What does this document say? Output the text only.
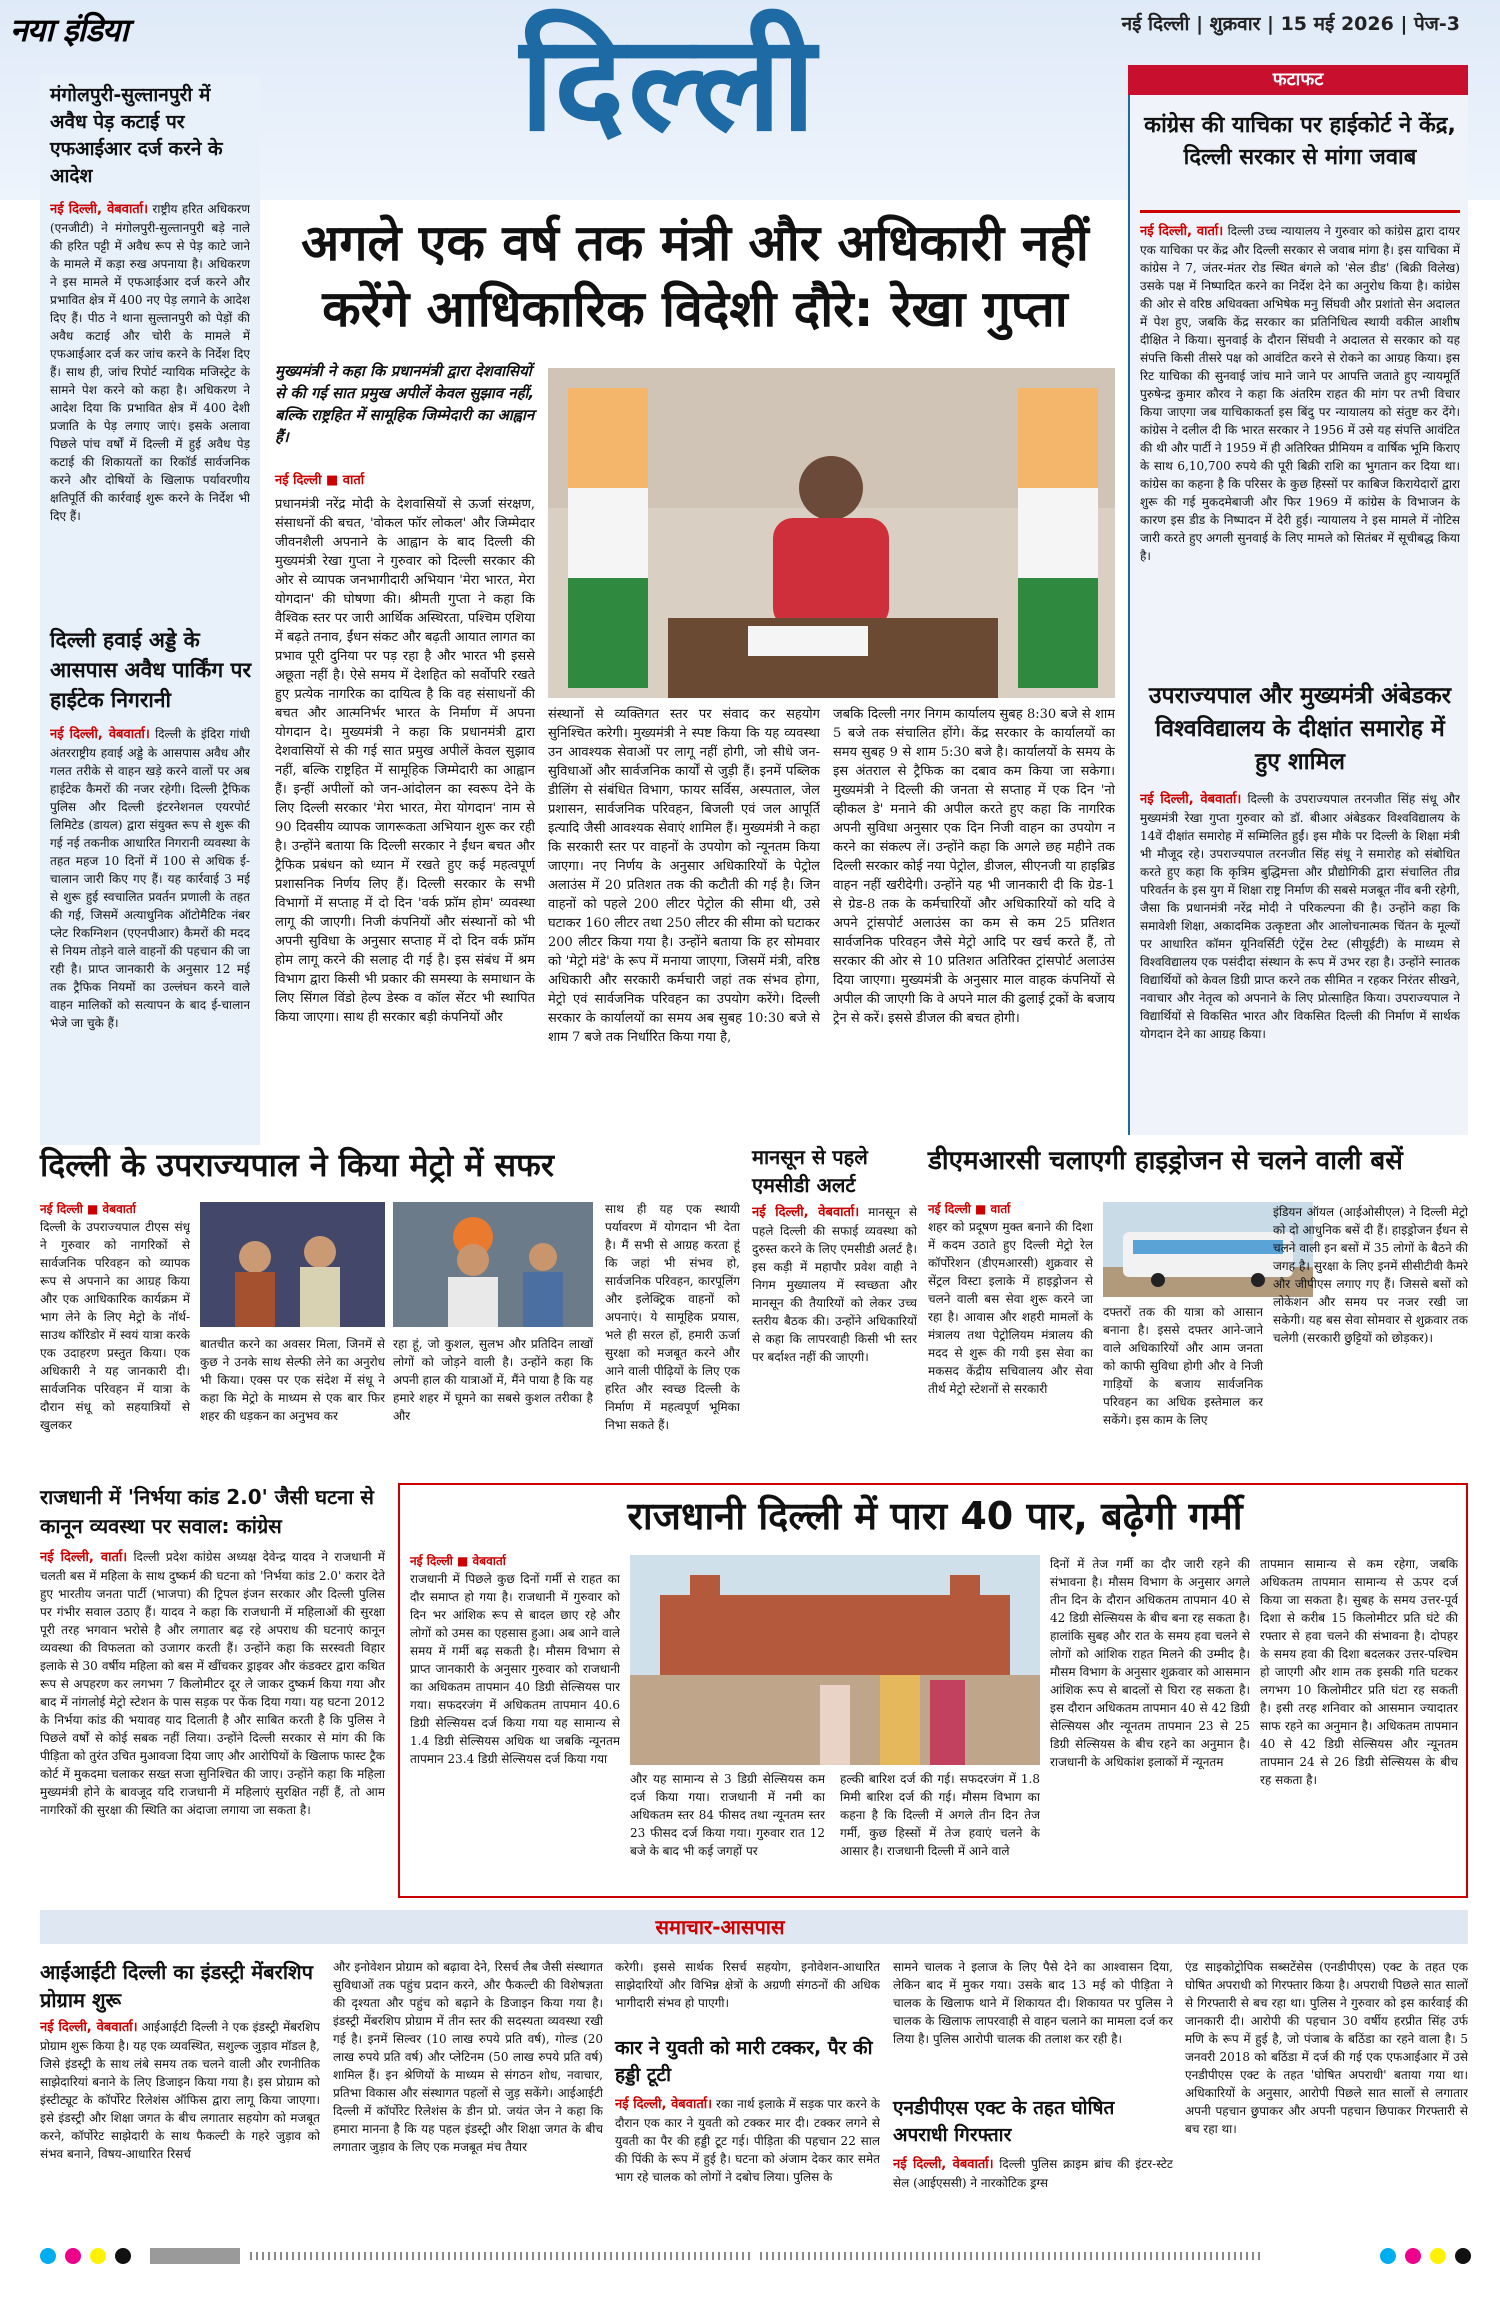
नया इंडिया	दिल्ली	नई दिल्ली | शुक्रवार | 15 मई 2026 | पेज-3
मंगोलपुरी-सुल्तानपुरी में अवैध पेड़ कटाई पर एफआईआर दर्ज करने के आदेश
नई दिल्ली, वेबवार्ता। राष्ट्रीय हरित अधिकरण (एनजीटी) ने मंगोलपुरी-सुल्तानपुरी बड़े नाले की हरित पट्टी में अवैध रूप से पेड़ काटे जाने के मामले में कड़ा रुख अपनाया है। अधिकरण ने इस मामले में एफआईआर दर्ज करने और प्रभावित क्षेत्र में 400 नए पेड़ लगाने के आदेश दिए हैं। पीठ ने थाना सुल्तानपुरी को पेड़ों की अवैध कटाई और चोरी के मामले में एफआईआर दर्ज कर जांच करने के निर्देश दिए हैं। साथ ही, जांच रिपोर्ट न्यायिक मजिस्ट्रेट के सामने पेश करने को कहा है। अधिकरण ने आदेश दिया कि प्रभावित क्षेत्र में 400 देशी प्रजाति के पेड़ लगाए जाएं। इसके अलावा पिछले पांच वर्षों में दिल्ली में हुई अवैध पेड़ कटाई की शिकायतों का रिकॉर्ड सार्वजनिक करने और दोषियों के खिलाफ पर्यावरणीय क्षतिपूर्ति की कार्रवाई शुरू करने के निर्देश भी दिए हैं।
दिल्ली हवाई अड्डे के आसपास अवैध पार्किंग पर हाईटेक निगरानी
नई दिल्ली, वेबवार्ता। दिल्ली के इंदिरा गांधी अंतरराष्ट्रीय हवाई अड्डे के आसपास अवैध और गलत तरीके से वाहन खड़े करने वालों पर अब हाईटेक कैमरों की नजर रहेगी। दिल्ली ट्रैफिक पुलिस और दिल्ली इंटरनेशनल एयरपोर्ट लिमिटेड (डायल) द्वारा संयुक्त रूप से शुरू की गई नई तकनीक आधारित निगरानी व्यवस्था के तहत महज 10 दिनों में 100 से अधिक ई-चालान जारी किए गए हैं। यह कार्रवाई 3 मई से शुरू हुई स्वचालित प्रवर्तन प्रणाली के तहत की गई, जिसमें अत्याधुनिक ऑटोमैटिक नंबर प्लेट रिकग्निशन (एएनपीआर) कैमरों की मदद से नियम तोड़ने वाले वाहनों की पहचान की जा रही है। प्राप्त जानकारी के अनुसार 12 मई तक ट्रैफिक नियमों का उल्लंघन करने वाले वाहन मालिकों को सत्यापन के बाद ई-चालान भेजे जा चुके हैं।
फटाफट
कांग्रेस की याचिका पर हाईकोर्ट ने केंद्र, दिल्ली सरकार से मांगा जवाब
नई दिल्ली, वार्ता। दिल्ली उच्च न्यायालय ने गुरुवार को कांग्रेस द्वारा दायर एक याचिका पर केंद्र और दिल्ली सरकार से जवाब मांगा है। इस याचिका में कांग्रेस ने 7, जंतर-मंतर रोड स्थित बंगले को 'सेल डीड' (बिक्री विलेख) उसके पक्ष में निष्पादित करने का निर्देश देने का अनुरोध किया है। कांग्रेस की ओर से वरिष्ठ अधिवक्ता अभिषेक मनु सिंघवी और प्रशांतो सेन अदालत में पेश हुए, जबकि केंद्र सरकार का प्रतिनिधित्व स्थायी वकील आशीष दीक्षित ने किया। सुनवाई के दौरान सिंघवी ने अदालत से सरकार को यह संपत्ति किसी तीसरे पक्ष को आवंटित करने से रोकने का आग्रह किया। इस रिट याचिका की सुनवाई जांच माने जाने पर आपत्ति जताते हुए न्यायमूर्ति पुरुषेन्द्र कुमार कौरव ने कहा कि अंतरिम राहत की मांग पर तभी विचार किया जाएगा जब याचिकाकर्ता इस बिंदु पर न्यायालय को संतुष्ट कर देंगे। कांग्रेस ने दलील दी कि भारत सरकार ने 1956 में उसे यह संपत्ति आवंटित की थी और पार्टी ने 1959 में ही अतिरिक्त प्रीमियम व वार्षिक भूमि किराए के साथ 6,10,700 रुपये की पूरी बिक्री राशि का भुगतान कर दिया था। कांग्रेस का कहना है कि परिसर के कुछ हिस्सों पर काबिज किरायेदारों द्वारा शुरू की गई मुकदमेबाजी और फिर 1969 में कांग्रेस के विभाजन के कारण इस डीड के निष्पादन में देरी हुई। न्यायालय ने इस मामले में नोटिस जारी करते हुए अगली सुनवाई के लिए मामले को सितंबर में सूचीबद्ध किया है।
उपराज्यपाल और मुख्यमंत्री अंबेडकर विश्वविद्यालय के दीक्षांत समारोह में हुए शामिल
नई दिल्ली, वेबवार्ता। दिल्ली के उपराज्यपाल तरनजीत सिंह संधू और मुख्यमंत्री रेखा गुप्ता गुरुवार को डॉ. बीआर अंबेडकर विश्वविद्यालय के 14वें दीक्षांत समारोह में सम्मिलित हुईं। इस मौके पर दिल्ली के शिक्षा मंत्री भी मौजूद रहे। उपराज्यपाल तरनजीत सिंह संधू ने समारोह को संबोधित करते हुए कहा कि कृत्रिम बुद्धिमत्ता और प्रौद्योगिकी द्वारा संचालित तीव्र परिवर्तन के इस युग में शिक्षा राष्ट्र निर्माण की सबसे मजबूत नींव बनी रहेगी, जैसा कि प्रधानमंत्री नरेंद्र मोदी ने परिकल्पना की है। उन्होंने कहा कि समावेशी शिक्षा, अकादमिक उत्कृष्टता और आलोचनात्मक चिंतन के मूल्यों पर आधारित कॉमन यूनिवर्सिटी एंट्रेंस टेस्ट (सीयूईटी) के माध्यम से विश्वविद्यालय एक पसंदीदा संस्थान के रूप में उभर रहा है। उन्होंने स्नातक विद्यार्थियों को केवल डिग्री प्राप्त करने तक सीमित न रहकर निरंतर सीखने, नवाचार और नेतृत्व को अपनाने के लिए प्रोत्साहित किया। उपराज्यपाल ने विद्यार्थियों से विकसित भारत और विकसित दिल्ली की निर्माण में सार्थक योगदान देने का आग्रह किया।
अगले एक वर्ष तक मंत्री और अधिकारी नहीं करेंगे आधिकारिक विदेशी दौरे: रेखा गुप्ता
मुख्यमंत्री ने कहा कि प्रधानमंत्री द्वारा देशवासियों से की गई सात प्रमुख अपीलें केवल सुझाव नहीं, बल्कि राष्ट्रहित में सामूहिक जिम्मेदारी का आह्वान हैं।
नई दिल्ली ■ वार्ता
प्रधानमंत्री नरेंद्र मोदी के देशवासियों से ऊर्जा संरक्षण, संसाधनों की बचत, 'वोकल फॉर लोकल' और जिम्मेदार जीवनशैली अपनाने के आह्वान के बाद दिल्ली की मुख्यमंत्री रेखा गुप्ता ने गुरुवार को दिल्ली सरकार की ओर से व्यापक जनभागीदारी अभियान 'मेरा भारत, मेरा योगदान' की घोषणा की। श्रीमती गुप्ता ने कहा कि वैश्विक स्तर पर जारी आर्थिक अस्थिरता, पश्चिम एशिया में बढ़ते तनाव, ईंधन संकट और बढ़ती आयात लागत का प्रभाव पूरी दुनिया पर पड़ रहा है और भारत भी इससे अछूता नहीं है। ऐसे समय में देशहित को सर्वोपरि रखते हुए प्रत्येक नागरिक का दायित्व है कि वह संसाधनों की बचत और आत्मनिर्भर भारत के निर्माण में अपना योगदान दे। मुख्यमंत्री ने कहा कि प्रधानमंत्री द्वारा देशवासियों से की गई सात प्रमुख अपीलें केवल सुझाव नहीं, बल्कि राष्ट्रहित में सामूहिक जिम्मेदारी का आह्वान हैं। इन्हीं अपीलों को जन-आंदोलन का स्वरूप देने के लिए दिल्ली सरकार 'मेरा भारत, मेरा योगदान' नाम से 90 दिवसीय व्यापक जागरूकता अभियान शुरू कर रही है। उन्होंने बताया कि दिल्ली सरकार ने ईंधन बचत और ट्रैफिक प्रबंधन को ध्यान में रखते हुए कई महत्वपूर्ण प्रशासनिक निर्णय लिए हैं। दिल्ली सरकार के सभी विभागों में सप्ताह में दो दिन 'वर्क फ्रॉम होम' व्यवस्था लागू की जाएगी। निजी कंपनियों और संस्थानों को भी अपनी सुविधा के अनुसार सप्ताह में दो दिन वर्क फ्रॉम होम लागू करने की सलाह दी गई है। इस संबंध में श्रम विभाग द्वारा किसी भी प्रकार की समस्या के समाधान के लिए सिंगल विंडो हेल्प डेस्क व कॉल सेंटर भी स्थापित किया जाएगा। साथ ही सरकार बड़ी कंपनियों और
संस्थानों से व्यक्तिगत स्तर पर संवाद कर सहयोग सुनिश्चित करेगी। मुख्यमंत्री ने स्पष्ट किया कि यह व्यवस्था उन आवश्यक सेवाओं पर लागू नहीं होगी, जो सीधे जन-सुविधाओं और सार्वजनिक कार्यों से जुड़ी हैं। इनमें पब्लिक डीलिंग से संबंधित विभाग, फायर सर्विस, अस्पताल, जेल प्रशासन, सार्वजनिक परिवहन, बिजली एवं जल आपूर्ति इत्यादि जैसी आवश्यक सेवाएं शामिल हैं। मुख्यमंत्री ने कहा कि सरकारी स्तर पर वाहनों के उपयोग को न्यूनतम किया जाएगा। नए निर्णय के अनुसार अधिकारियों के पेट्रोल अलाउंस में 20 प्रतिशत तक की कटौती की गई है। जिन वाहनों को पहले 200 लीटर पेट्रोल की सीमा थी, उसे घटाकर 160 लीटर तथा 250 लीटर की सीमा को घटाकर 200 लीटर किया गया है। उन्होंने बताया कि हर सोमवार को 'मेट्रो मंडे' के रूप में मनाया जाएगा, जिसमें मंत्री, वरिष्ठ अधिकारी और सरकारी कर्मचारी जहां तक संभव होगा, मेट्रो एवं सार्वजनिक परिवहन का उपयोग करेंगे। दिल्ली सरकार के कार्यालयों का समय अब सुबह 10:30 बजे से शाम 7 बजे तक निर्धारित किया गया है,
जबकि दिल्ली नगर निगम कार्यालय सुबह 8:30 बजे से शाम 5 बजे तक संचालित होंगे। केंद्र सरकार के कार्यालयों का समय सुबह 9 से शाम 5:30 बजे है। कार्यालयों के समय के इस अंतराल से ट्रैफिक का दबाव कम किया जा सकेगा। मुख्यमंत्री ने दिल्ली की जनता से सप्ताह में एक दिन 'नो व्हीकल डे' मनाने की अपील करते हुए कहा कि नागरिक अपनी सुविधा अनुसार एक दिन निजी वाहन का उपयोग न करने का संकल्प लें। उन्होंने कहा कि अगले छह महीने तक दिल्ली सरकार कोई नया पेट्रोल, डीजल, सीएनजी या हाइब्रिड वाहन नहीं खरीदेगी। उन्होंने यह भी जानकारी दी कि ग्रेड-1 से ग्रेड-8 तक के कर्मचारियों और अधिकारियों को यदि वे अपने ट्रांसपोर्ट अलाउंस का कम से कम 25 प्रतिशत सार्वजनिक परिवहन जैसे मेट्रो आदि पर खर्च करते हैं, तो सरकार की ओर से 10 प्रतिशत अतिरिक्त ट्रांसपोर्ट अलाउंस दिया जाएगा। मुख्यमंत्री के अनुसार माल वाहक कंपनियों से अपील की जाएगी कि वे अपने माल की ढुलाई ट्रकों के बजाय ट्रेन से करें। इससे डीजल की बचत होगी।
दिल्ली के उपराज्यपाल ने किया मेट्रो में सफर
नई दिल्ली ■ वेबवार्ता
दिल्ली के उपराज्यपाल टीएस संधू ने गुरुवार को नागरिकों से सार्वजनिक परिवहन को व्यापक रूप से अपनाने का आग्रह किया और एक आधिकारिक कार्यक्रम में भाग लेने के लिए मेट्रो के नॉर्थ-साउथ कॉरिडोर में स्वयं यात्रा करके एक उदाहरण प्रस्तुत किया। एक अधिकारी ने यह जानकारी दी। सार्वजनिक परिवहन में यात्रा के दौरान संधू को सहयात्रियों से खुलकर
बातचीत करने का अवसर मिला, जिनमें से कुछ ने उनके साथ सेल्फी लेने का अनुरोध भी किया। एक्स पर एक संदेश में संधू ने कहा कि मेट्रो के माध्यम से एक बार फिर शहर की धड़कन का अनुभव कर
रहा हूं, जो कुशल, सुलभ और प्रतिदिन लाखों लोगों को जोड़ने वाली है। उन्होंने कहा कि अपनी हाल की यात्राओं में, मैंने पाया है कि यह हमारे शहर में घूमने का सबसे कुशल तरीका है और
साथ ही यह एक स्थायी पर्यावरण में योगदान भी देता है। मैं सभी से आग्रह करता हूं कि जहां भी संभव हो, सार्वजनिक परिवहन, कारपूलिंग और इलेक्ट्रिक वाहनों को अपनाएं। ये सामूहिक प्रयास, भले ही सरल हों, हमारी ऊर्जा सुरक्षा को मजबूत करने और आने वाली पीढ़ियों के लिए एक हरित और स्वच्छ दिल्ली के निर्माण में महत्वपूर्ण भूमिका निभा सकते हैं।
मानसून से पहले एमसीडी अलर्ट
नई दिल्ली, वेबवार्ता। मानसून से पहले दिल्ली की सफाई व्यवस्था को दुरुस्त करने के लिए एमसीडी अलर्ट है। इस कड़ी में महापौर प्रवेश वाही ने निगम मुख्यालय में स्वच्छता और मानसून की तैयारियों को लेकर उच्च स्तरीय बैठक की। उन्होंने अधिकारियों से कहा कि लापरवाही किसी भी स्तर पर बर्दाश्त नहीं की जाएगी।
डीएमआरसी चलाएगी हाइड्रोजन से चलने वाली बसें
नई दिल्ली ■ वार्ता
शहर को प्रदूषण मुक्त बनाने की दिशा में कदम उठाते हुए दिल्ली मेट्रो रेल कॉर्पोरेशन (डीएमआरसी) शुक्रवार से सेंट्रल विस्टा इलाके में हाइड्रोजन से चलने वाली बस सेवा शुरू करने जा रहा है। आवास और शहरी मामलों के मंत्रालय तथा पेट्रोलियम मंत्रालय की मदद से शुरू की गयी इस सेवा का मकसद केंद्रीय सचिवालय और सेवा तीर्थ मेट्रो स्टेशनों से सरकारी
दफ्तरों तक की यात्रा को आसान बनाना है। इससे दफ्तर आने-जाने वाले अधिकारियों और आम जनता को काफी सुविधा होगी और वे निजी गाड़ियों के बजाय सार्वजनिक परिवहन का अधिक इस्तेमाल कर सकेंगे। इस काम के लिए
इंडियन ऑयल (आईओसीएल) ने दिल्ली मेट्रो को दो आधुनिक बसें दी हैं। हाइड्रोजन ईंधन से चलने वाली इन बसों में 35 लोगों के बैठने की जगह है। सुरक्षा के लिए इनमें सीसीटीवी कैमरे और जीपीएस लगाए गए हैं। जिससे बसों को लोकेशन और समय पर नजर रखी जा सकेगी। यह बस सेवा सोमवार से शुक्रवार तक चलेगी (सरकारी छुट्टियों को छोड़कर)।
राजधानी में 'निर्भया कांड 2.0' जैसी घटना से कानून व्यवस्था पर सवाल: कांग्रेस
नई दिल्ली, वार्ता। दिल्ली प्रदेश कांग्रेस अध्यक्ष देवेन्द्र यादव ने राजधानी में चलती बस में महिला के साथ दुष्कर्म की घटना को 'निर्भया कांड 2.0' करार देते हुए भारतीय जनता पार्टी (भाजपा) की ट्रिपल इंजन सरकार और दिल्ली पुलिस पर गंभीर सवाल उठाए हैं। यादव ने कहा कि राजधानी में महिलाओं की सुरक्षा पूरी तरह भगवान भरोसे है और लगातार बढ़ रहे अपराध की घटनाएं कानून व्यवस्था की विफलता को उजागर करती हैं। उन्होंने कहा कि सरस्वती विहार इलाके से 30 वर्षीय महिला को बस में खींचकर ड्राइवर और कंडक्टर द्वारा कथित रूप से अपहरण कर लगभग 7 किलोमीटर दूर ले जाकर दुष्कर्म किया गया और बाद में नांगलोई मेट्रो स्टेशन के पास सड़क पर फेंक दिया गया। यह घटना 2012 के निर्भया कांड की भयावह याद दिलाती है और साबित करती है कि पुलिस ने पिछले वर्षों से कोई सबक नहीं लिया। उन्होंने दिल्ली सरकार से मांग की कि पीड़िता को तुरंत उचित मुआवजा दिया जाए और आरोपियों के खिलाफ फास्ट ट्रैक कोर्ट में मुकदमा चलाकर सख्त सजा सुनिश्चित की जाए। उन्होंने कहा कि महिला मुख्यमंत्री होने के बावजूद यदि राजधानी में महिलाएं सुरक्षित नहीं हैं, तो आम नागरिकों की सुरक्षा की स्थिति का अंदाजा लगाया जा सकता है।
राजधानी दिल्ली में पारा 40 पार, बढ़ेगी गर्मी
नई दिल्ली ■ वेबवार्ता
राजधानी में पिछले कुछ दिनों गर्मी से राहत का दौर समाप्त हो गया है। राजधानी में गुरुवार को दिन भर आंशिक रूप से बादल छाए रहे और लोगों को उमस का एहसास हुआ। अब आने वाले समय में गर्मी बढ़ सकती है। मौसम विभाग से प्राप्त जानकारी के अनुसार गुरुवार को राजधानी का अधिकतम तापमान 40 डिग्री सेल्सियस पार गया। सफदरजंग में अधिकतम तापमान 40.6 डिग्री सेल्सियस दर्ज किया गया यह सामान्य से 1.4 डिग्री सेल्सियस अधिक था जबकि न्यूनतम तापमान 23.4 डिग्री सेल्सियस दर्ज किया गया
और यह सामान्य से 3 डिग्री सेल्सियस कम दर्ज किया गया। राजधानी में नमी का अधिकतम स्तर 84 फीसद तथा न्यूनतम स्तर 23 फीसद दर्ज किया गया। गुरुवार रात 12 बजे के बाद भी कई जगहों पर
हल्की बारिश दर्ज की गई। सफदरजंग में 1.8 मिमी बारिश दर्ज की गई। मौसम विभाग का कहना है कि दिल्ली में अगले तीन दिन तेज गर्मी, कुछ हिस्सों में तेज हवाएं चलने के आसार है। राजधानी दिल्ली में आने वाले
दिनों में तेज गर्मी का दौर जारी रहने की संभावना है। मौसम विभाग के अनुसार अगले तीन दिन के दौरान अधिकतम तापमान 40 से 42 डिग्री सेल्सियस के बीच बना रह सकता है। हालांकि सुबह और रात के समय हवा चलने से लोगों को आंशिक राहत मिलने की उम्मीद है। मौसम विभाग के अनुसार शुक्रवार को आसमान आंशिक रूप से बादलों से घिरा रह सकता है। इस दौरान अधिकतम तापमान 40 से 42 डिग्री सेल्सियस और न्यूनतम तापमान 23 से 25 डिग्री सेल्सियस के बीच रहने का अनुमान है। राजधानी के अधिकांश इलाकों में न्यूनतम
तापमान सामान्य से कम रहेगा, जबकि अधिकतम तापमान सामान्य से ऊपर दर्ज किया जा सकता है। सुबह के समय उत्तर-पूर्व दिशा से करीब 15 किलोमीटर प्रति घंटे की रफ्तार से हवा चलने की संभावना है। दोपहर के समय हवा की दिशा बदलकर उत्तर-पश्चिम हो जाएगी और शाम तक इसकी गति घटकर लगभग 10 किलोमीटर प्रति घंटा रह सकती है। इसी तरह शनिवार को आसमान ज्यादातर साफ रहने का अनुमान है। अधिकतम तापमान 40 से 42 डिग्री सेल्सियस और न्यूनतम तापमान 24 से 26 डिग्री सेल्सियस के बीच रह सकता है।
समाचार-आसपास
आईआईटी दिल्ली का इंडस्ट्री मेंबरशिप प्रोग्राम शुरू
नई दिल्ली, वेबवार्ता। आईआईटी दिल्ली ने एक इंडस्ट्री मेंबरशिप प्रोग्राम शुरू किया है। यह एक व्यवस्थित, सशुल्क जुड़ाव मॉडल है, जिसे इंडस्ट्री के साथ लंबे समय तक चलने वाली और रणनीतिक साझेदारियां बनाने के लिए डिजाइन किया गया है। इस प्रोग्राम को इंस्टीट्यूट के कॉर्पोरेट रिलेशंस ऑफिस द्वारा लागू किया जाएगा। इसे इंडस्ट्री और शिक्षा जगत के बीच लगातार सहयोग को मजबूत करने, कॉर्पोरेट साझेदारी के साथ फैकल्टी के गहरे जुड़ाव को संभव बनाने, विषय-आधारित रिसर्च
और इनोवेशन प्रोग्राम को बढ़ावा देने, रिसर्च लैब जैसी संस्थागत सुविधाओं तक पहुंच प्रदान करने, और फैकल्टी की विशेषज्ञता की दृश्यता और पहुंच को बढ़ाने के डिजाइन किया गया है। इंडस्ट्री मेंबरशिप प्रोग्राम में तीन स्तर की सदस्यता व्यवस्था रखी गई है। इनमें सिल्वर (10 लाख रुपये प्रति वर्ष), गोल्ड (20 लाख रुपये प्रति वर्ष) और प्लेटिनम (50 लाख रुपये प्रति वर्ष) शामिल हैं। इन श्रेणियों के माध्यम से संगठन शोध, नवाचार, प्रतिभा विकास और संस्थागत पहलों से जुड़ सकेंगे। आईआईटी दिल्ली में कॉर्पोरेट रिलेशंस के डीन प्रो. जयंत जेन ने कहा कि हमारा मानना है कि यह पहल इंडस्ट्री और शिक्षा जगत के बीच लगातार जुड़ाव के लिए एक मजबूत मंच तैयार
करेगी। इससे सार्थक रिसर्च सहयोग, इनोवेशन-आधारित साझेदारियों और विभिन्न क्षेत्रों के अग्रणी संगठनों की अधिक भागीदारी संभव हो पाएगी।
कार ने युवती को मारी टक्कर, पैर की हड्डी टूटी
नई दिल्ली, वेबवार्ता। रका नार्थ इलाके में सड़क पार करने के दौरान एक कार ने युवती को टक्कर मार दी। टक्कर लगने से युवती का पैर की हड्डी टूट गई। पीड़िता की पहचान 22 साल की पिंकी के रूप में हुई है। घटना को अंजाम देकर कार समेत भाग रहे चालक को लोगों ने दबोच लिया। पुलिस के
सामने चालक ने इलाज के लिए पैसे देने का आश्वासन दिया, लेकिन बाद में मुकर गया। उसके बाद 13 मई को पीड़िता ने चालक के खिलाफ थाने में शिकायत दी। शिकायत पर पुलिस ने चालक के खिलाफ लापरवाही से वाहन चलाने का मामला दर्ज कर लिया है। पुलिस आरोपी चालक की तलाश कर रही है।
एनडीपीएस एक्ट के तहत घोषित अपराधी गिरफ्तार
नई दिल्ली, वेबवार्ता। दिल्ली पुलिस क्राइम ब्रांच की इंटर-स्टेट सेल (आईएससी) ने नारकोटिक ड्रग्स
एंड साइकोट्रोपिक सब्सटेंसेस (एनडीपीएस) एक्ट के तहत एक घोषित अपराधी को गिरफ्तार किया है। अपराधी पिछले सात सालों से गिरफ्तारी से बच रहा था। पुलिस ने गुरुवार को इस कार्रवाई की जानकारी दी। आरोपी की पहचान 30 वर्षीय हरप्रीत सिंह उर्फ मणि के रूप में हुई है, जो पंजाब के बठिंडा का रहने वाला है। 5 जनवरी 2018 को बठिंडा में दर्ज की गई एक एफआईआर में उसे एनडीपीएस एक्ट के तहत 'घोषित अपराधी' बताया गया था। अधिकारियों के अनुसार, आरोपी पिछले सात सालों से लगातार अपनी पहचान छुपाकर और अपनी पहचान छिपाकर गिरफ्तारी से बच रहा था।
